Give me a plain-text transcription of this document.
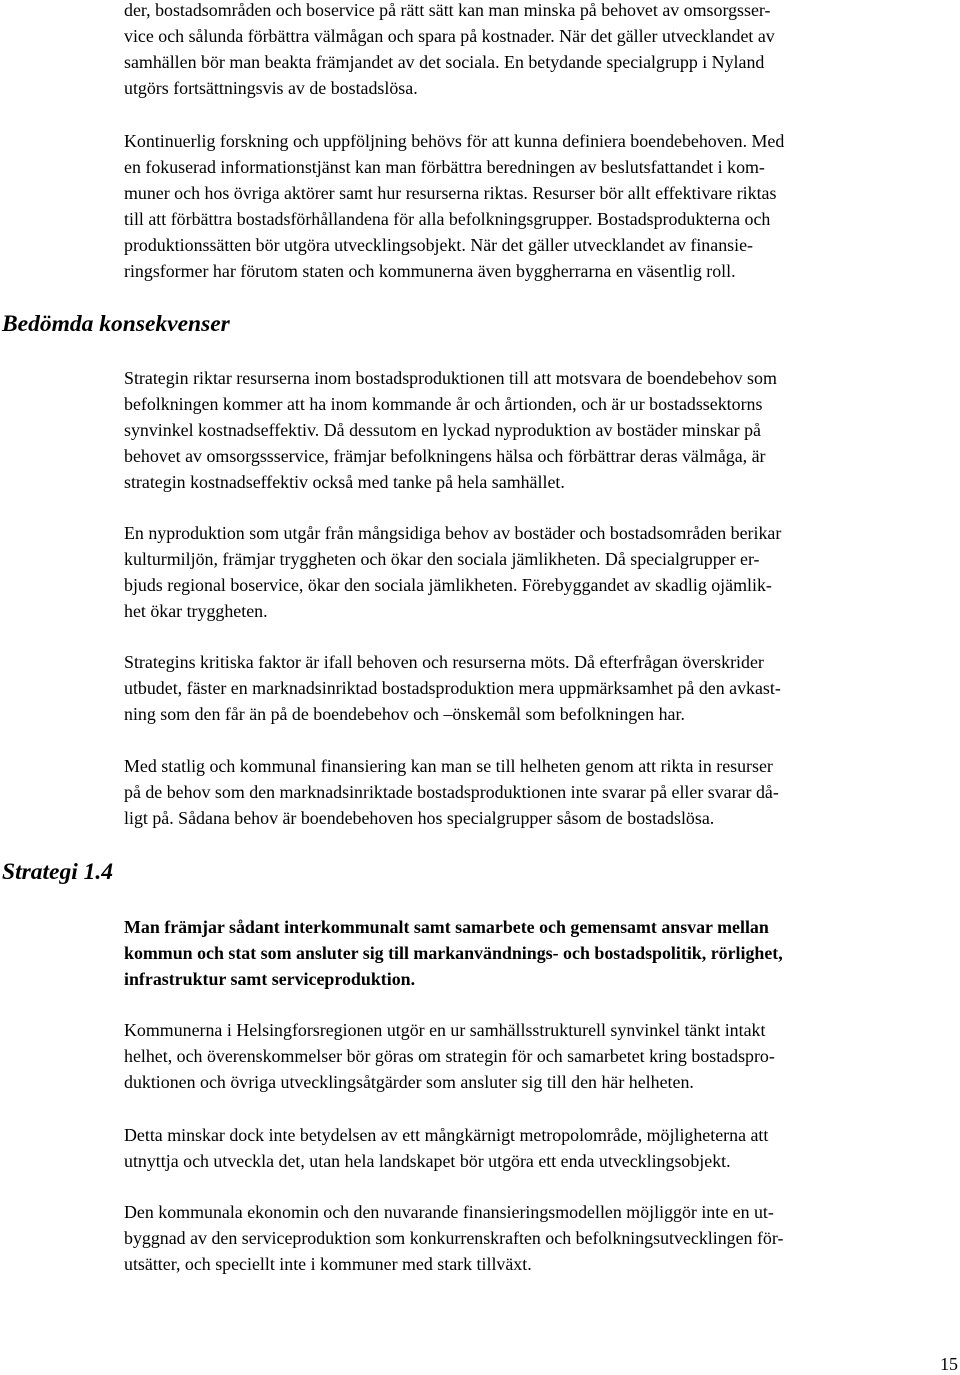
Bedömda konsekvenser
Strategi 1.4
der, bostadsområden och boservice på rätt sätt kan man minska på behovet av omsorgsser-
vice och sålunda förbättra välmågan och spara på kostnader. När det gäller utvecklandet av
samhällen bör man beakta främjandet av det sociala. En betydande specialgrupp i Nyland
utgörs fortsättningsvis av de bostadslösa.
Kontinuerlig forskning och uppföljning behövs för att kunna definiera boendebehoven. Med
en fokuserad informationstjänst kan man förbättra beredningen av beslutsfattandet i kom-
muner och hos övriga aktörer samt hur resurserna riktas. Resurser bör allt effektivare riktas
till att förbättra bostadsförhållandena för alla befolkningsgrupper. Bostadsprodukterna och
produktionssätten bör utgöra utvecklingsobjekt. När det gäller utvecklandet av finansie-
ringsformer har förutom staten och kommunerna även byggherrarna en väsentlig roll.
Strategin riktar resurserna inom bostadsproduktionen till att motsvara de boendebehov som
befolkningen kommer att ha inom kommande år och årtionden, och är ur bostadssektorns
synvinkel kostnadseffektiv. Då dessutom en lyckad nyproduktion av bostäder minskar på
behovet av omsorgssservice, främjar befolkningens hälsa och förbättrar deras välmåga, är
strategin kostnadseffektiv också med tanke på hela samhället.
En nyproduktion som utgår från mångsidiga behov av bostäder och bostadsområden berikar
kulturmiljön, främjar tryggheten och ökar den sociala jämlikheten. Då specialgrupper er-
bjuds regional boservice, ökar den sociala jämlikheten. Förebyggandet av skadlig ojämlik-
het ökar tryggheten.
Strategins kritiska faktor är ifall behoven och resurserna möts. Då efterfrågan överskrider
utbudet, fäster en marknadsinriktad bostadsproduktion mera uppmärksamhet på den avkast-
ning som den får än på de boendebehov och –önskemål som befolkningen har.
Med statlig och kommunal finansiering kan man se till helheten genom att rikta in resurser
på de behov som den marknadsinriktade bostadsproduktionen inte svarar på eller svarar då-
ligt på. Sådana behov är boendebehoven hos specialgrupper såsom de bostadslösa.
Man främjar sådant interkommunalt samt samarbete och gemensamt ansvar mellan
kommun och stat som ansluter sig till markanvändnings- och bostadspolitik, rörlighet,
infrastruktur samt serviceproduktion.
Kommunerna i Helsingforsregionen utgör en ur samhällsstrukturell synvinkel tänkt intakt
helhet, och överenskommelser bör göras om strategin för och samarbetet kring bostadspro-
duktionen och övriga utvecklingsåtgärder som ansluter sig till den här helheten.
Detta minskar dock inte betydelsen av ett mångkärnigt metropolområde, möjligheterna att
utnyttja och utveckla det, utan hela landskapet bör utgöra ett enda utvecklingsobjekt.
Den kommunala ekonomin och den nuvarande finansieringsmodellen möjliggör inte en ut-
byggnad av den serviceproduktion som konkurrenskraften och befolkningsutvecklingen för-
utsätter, och speciellt inte i kommuner med stark tillväxt.
15
